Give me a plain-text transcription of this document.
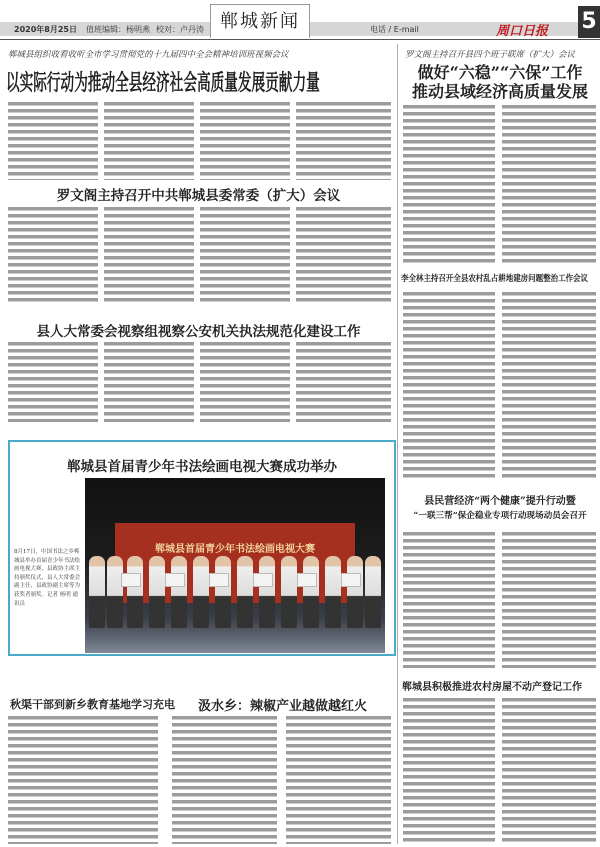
2020年8月25日 值班编辑：杨明燕 校对：卢丹涛	电话 / E-mail
郸城新闻	周口日报 5
郸城县组织收看收听全市学习贯彻党的十九届四中全会精神培训班视频会议
以实际行动为推动全县经济社会高质量发展贡献力量
罗文阁主持召开县四个班子联席（扩大）会议
做好“六稳”“六保”工作
推动县域经济高质量发展
罗文阁主持召开中共郸城县委常委（扩大）会议
县人大常委会视察组视察公安机关执法规范化建设工作
李全林主持召开全县农村乱占耕地建房问题整治工作会议
郸城县首届青少年书法绘画电视大赛成功举办
8月17日，中国书法之乡郸城县举办首届青少年书法绘画电视大赛，县政协主席主持颁奖仪式，县人大常委会副主任、县政协副主席等为获奖者颁奖。记者 杨明 通讯员
郸城县首届青少年书法绘画电视大赛
县民营经济“两个健康”提升行动暨
“一联三帮”保企稳业专项行动现场动员会召开
秋渠干部到新乡教育基地学习充电 汲水乡：辣椒产业越做越红火
郸城县积极推进农村房屋不动产登记工作
